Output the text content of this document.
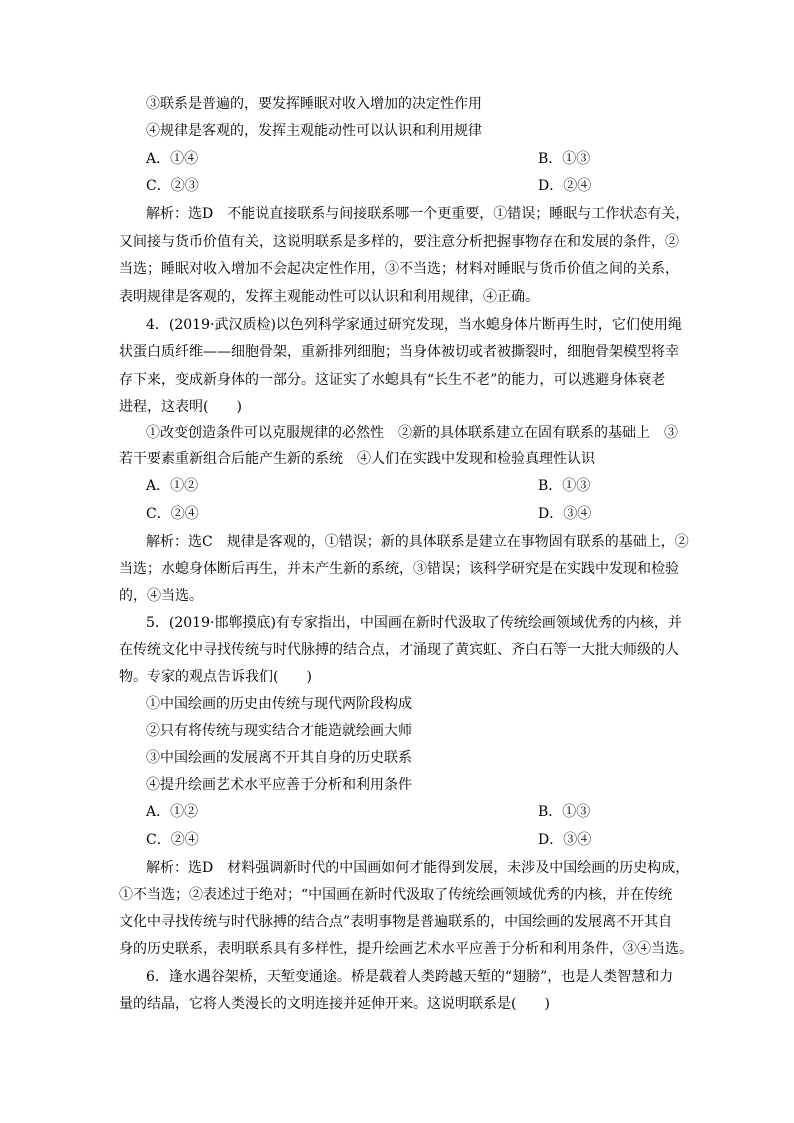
③联系是普遍的，要发挥睡眠对收入增加的决定性作用
④规律是客观的，发挥主观能动性可以认识和利用规律
A．①④	B．①③
C．②③	D．②④
解析：选D　不能说直接联系与间接联系哪一个更重要，①错误；睡眠与工作状态有关，
又间接与货币价值有关，这说明联系是多样的，要注意分析把握事物存在和发展的条件，②
当选；睡眠对收入增加不会起决定性作用，③不当选；材料对睡眠与货币价值之间的关系，
表明规律是客观的，发挥主观能动性可以认识和利用规律，④正确。
4．(2019·武汉质检)以色列科学家通过研究发现，当水螅身体片断再生时，它们使用绳
状蛋白质纤维——细胞骨架，重新排列细胞；当身体被切或者被撕裂时，细胞骨架模型将幸
存下来，变成新身体的一部分。这证实了水螅具有“长生不老”的能力，可以逃避身体衰老
进程，这表明(　　)
①改变创造条件可以克服规律的必然性　②新的具体联系建立在固有联系的基础上　③
若干要素重新组合后能产生新的系统　④人们在实践中发现和检验真理性认识
A．①②	B．①③
C．②④	D．③④
解析：选C　规律是客观的，①错误；新的具体联系是建立在事物固有联系的基础上，②
当选；水螅身体断后再生，并未产生新的系统，③错误；该科学研究是在实践中发现和检验
的，④当选。
5．(2019·邯郸摸底)有专家指出，中国画在新时代汲取了传统绘画领域优秀的内核，并
在传统文化中寻找传统与时代脉搏的结合点，才涌现了黄宾虹、齐白石等一大批大师级的人
物。专家的观点告诉我们(　　)
①中国绘画的历史由传统与现代两阶段构成
②只有将传统与现实结合才能造就绘画大师
③中国绘画的发展离不开其自身的历史联系
④提升绘画艺术水平应善于分析和利用条件
A．①②	B．①③
C．②④	D．③④
解析：选D　材料强调新时代的中国画如何才能得到发展，未涉及中国绘画的历史构成，
①不当选；②表述过于绝对；“中国画在新时代汲取了传统绘画领域优秀的内核，并在传统
文化中寻找传统与时代脉搏的结合点”表明事物是普遍联系的，中国绘画的发展离不开其自
身的历史联系，表明联系具有多样性，提升绘画艺术水平应善于分析和利用条件，③④当选。
6．逢水遇谷架桥，天堑变通途。桥是载着人类跨越天堑的“翅膀”，也是人类智慧和力
量的结晶，它将人类漫长的文明连接并延伸开来。这说明联系是(　　)
